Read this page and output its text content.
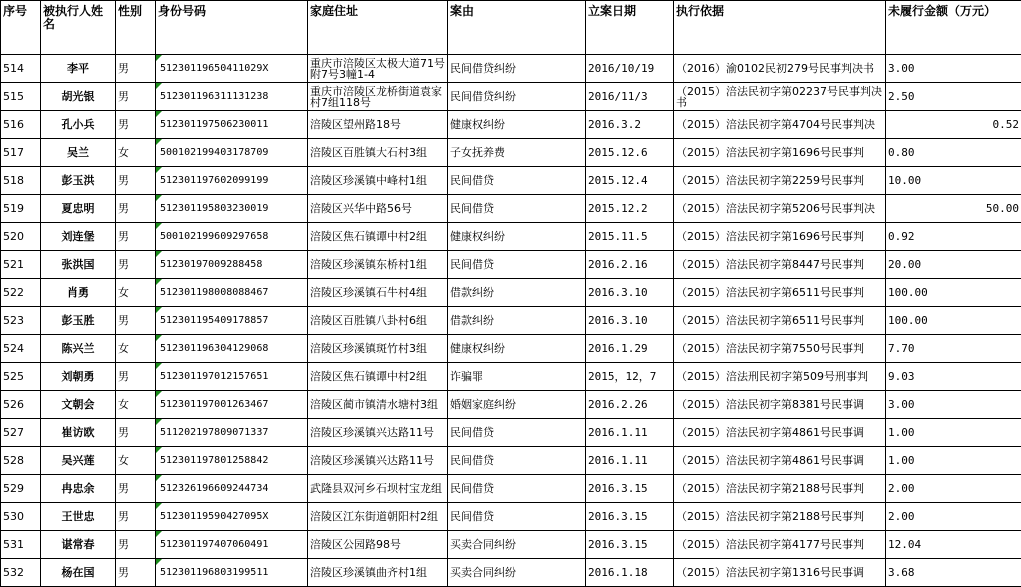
序号	被执行人姓名	性别	身份号码	家庭住址	案由	立案日期	执行依据	未履行金额（万元）
514	李平	男	51230119650411029X	重庆市涪陵区太极大道71号附7号3幢1-4	民间借贷纠纷	2016/10/19	（2016）渝0102民初279号民事判决书	3.00
515	胡光银	男	512301196311131238	重庆市涪陵区龙桥街道袁家村7组118号	民间借贷纠纷	2016/11/3	（2015）涪法民初字第02237号民事判决书	2.50
516	孔小兵	男	512301197506230011	涪陵区望州路18号	健康权纠纷	2016.3.2	（2015）涪法民初字第4704号民事判决	0.52
517	吴兰	女	500102199403178709	涪陵区百胜镇大石村3组	子女抚养费	2015.12.6	（2015）涪法民初字第1696号民事判	0.80
518	彭玉洪	男	512301197602099199	涪陵区珍溪镇中峰村1组	民间借贷	2015.12.4	（2015）涪法民初字第2259号民事判	10.00
519	夏忠明	男	512301195803230019	涪陵区兴华中路56号	民间借贷	2015.12.2	（2015）涪法民初字第5206号民事判决	50.00
520	刘连堡	男	500102199609297658	涪陵区焦石镇谭中村2组	健康权纠纷	2015.11.5	（2015）涪法民初字第1696号民事判	0.92
521	张洪国	男	51230197009288458	涪陵区珍溪镇东桥村1组	民间借贷	2016.2.16	（2015）涪法民初字第8447号民事判	20.00
522	肖勇	女	512301198008088467	涪陵区珍溪镇石牛村4组	借款纠纷	2016.3.10	（2015）涪法民初字第6511号民事判	100.00
523	彭玉胜	男	512301195409178857	涪陵区百胜镇八卦村6组	借款纠纷	2016.3.10	（2015）涪法民初字第6511号民事判	100.00
524	陈兴兰	女	512301196304129068	涪陵区珍溪镇斑竹村3组	健康权纠纷	2016.1.29	（2015）涪法民初字第7550号民事判	7.70
525	刘朝勇	男	512301197012157651	涪陵区焦石镇谭中村2组	诈骗罪	2015，12，7	（2015）涪法刑民初字第509号刑事判	9.03
526	文朝会	女	512301197001263467	涪陵区蔺市镇清水塘村3组	婚姻家庭纠纷	2016.2.26	（2015）涪法民初字第8381号民事调	3.00
527	崔访欧	男	511202197809071337	涪陵区珍溪镇兴达路11号	民间借贷	2016.1.11	（2015）涪法民初字第4861号民事调	1.00
528	吴兴莲	女	512301197801258842	涪陵区珍溪镇兴达路11号	民间借贷	2016.1.11	（2015）涪法民初字第4861号民事调	1.00
529	冉忠余	男	512326196609244734	武隆县双河乡石坝村宝龙组	民间借贷	2016.3.15	（2015）涪法民初字第2188号民事判	2.00
530	王世忠	男	51230119590427095X	涪陵区江东街道朝阳村2组	民间借贷	2016.3.15	（2015）涪法民初字第2188号民事判	2.00
531	谌常春	男	512301197407060491	涪陵区公园路98号	买卖合同纠纷	2016.3.15	（2015）涪法民初字第4177号民事判	12.04
532	杨在国	男	512301196803199511	涪陵区珍溪镇曲齐村1组	买卖合同纠纷	2016.1.18	（2015）涪法民初字第1316号民事调	3.68
